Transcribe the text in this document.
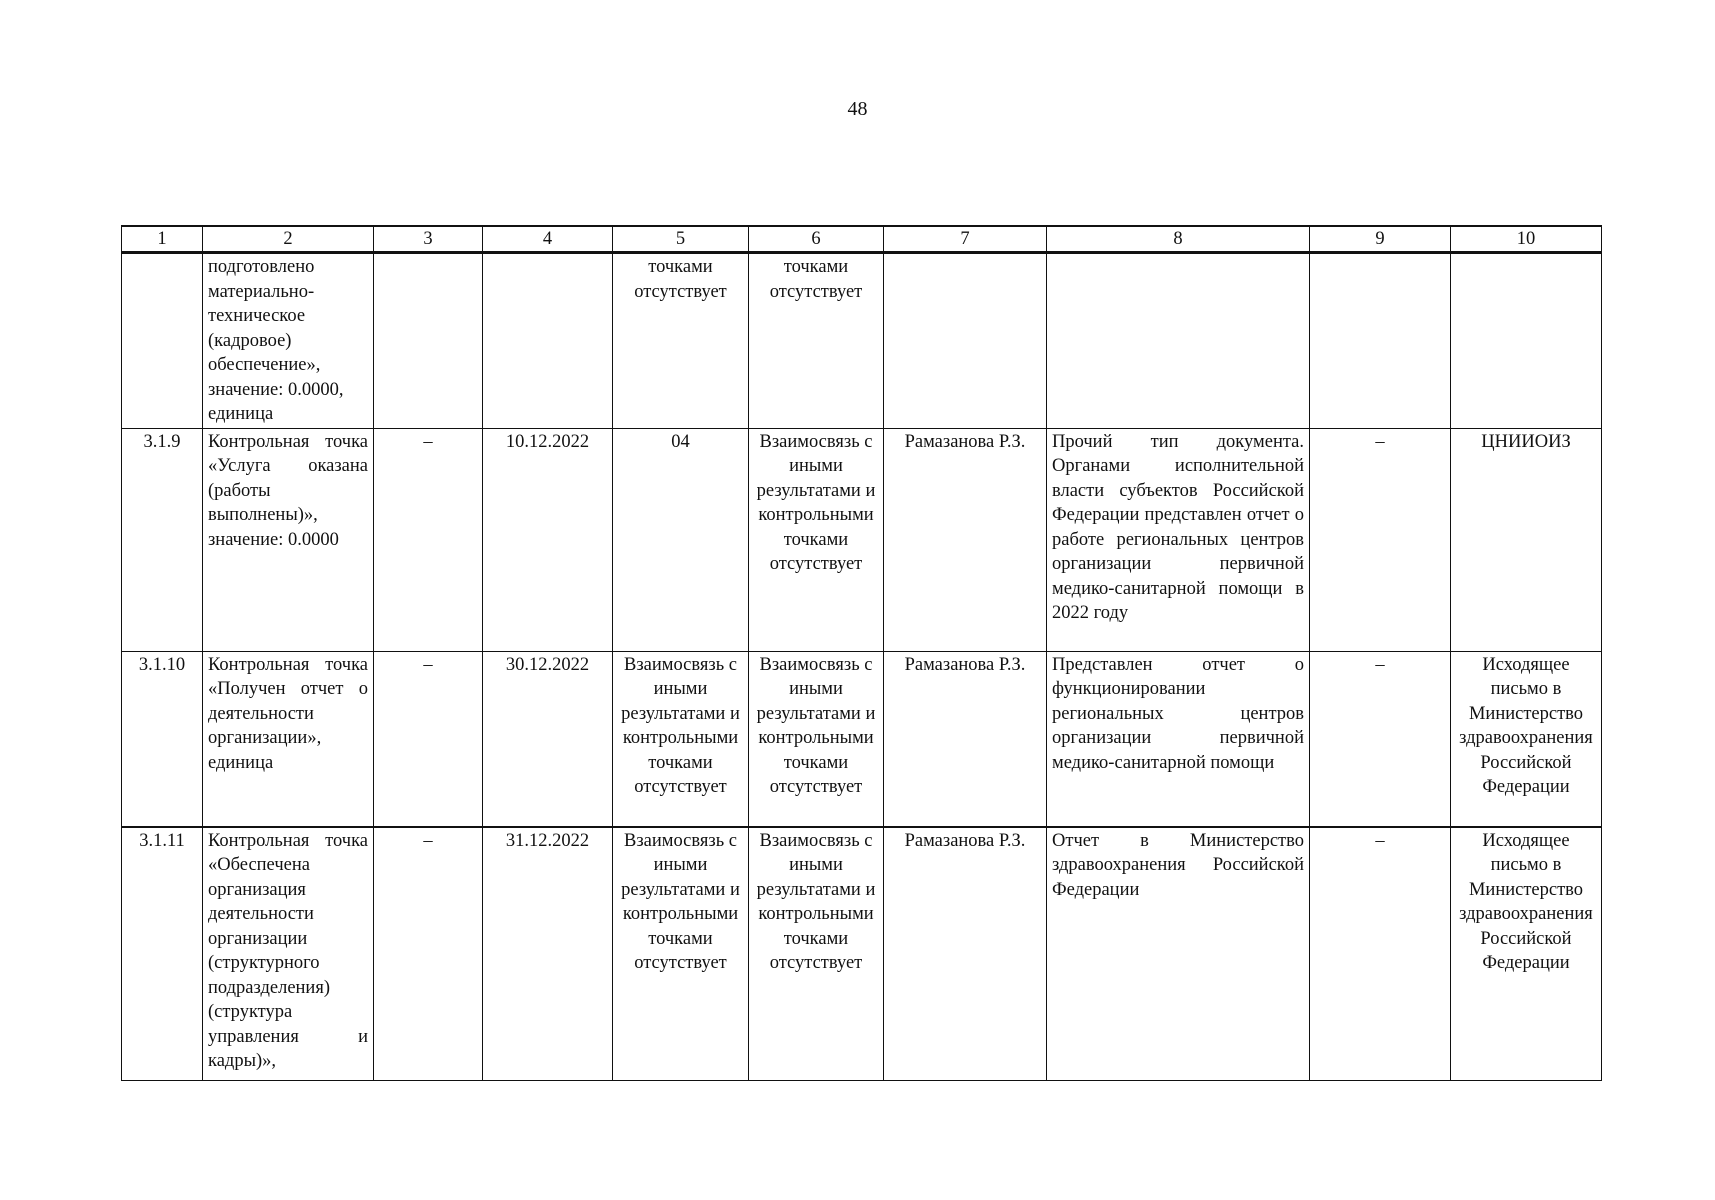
48
1	2	3	4	5	6	7	8	9	10
	подготовлено материально-техническое (кадровое) обеспечение», значение: 0.0000, единица			точками отсутствует	точками отсутствует				
3.1.9	Контрольная точка «Услуга оказана (работы выполнены)», значение: 0.0000	–	10.12.2022	04	Взаимосвязь с иными результатами и контрольными точками отсутствует	Рамазанова Р.З.	Прочий тип документа. Органами исполнительной власти субъектов Российской Федерации представлен отчет о работе региональных центров организации первичной медико-санитарной помощи в 2022 году	–	ЦНИИОИЗ
3.1.10	Контрольная точка «Получен отчет о деятельности организации», единица	–	30.12.2022	Взаимосвязь с иными результатами и контрольными точками отсутствует	Взаимосвязь с иными результатами и контрольными точками отсутствует	Рамазанова Р.З.	Представлен отчет о функционировании региональных центров организации первичной медико-санитарной помощи	–	Исходящее письмо в Министерство здравоохранения Российской Федерации
3.1.11	Контрольная точка «Обеспечена организация деятельности организации (структурного подразделения) (структура управления и кадры)»,	–	31.12.2022	Взаимосвязь с иными результатами и контрольными точками отсутствует	Взаимосвязь с иными результатами и контрольными точками отсутствует	Рамазанова Р.З.	Отчет в Министерство здравоохранения Российской Федерации	–	Исходящее письмо в Министерство здравоохранения Российской Федерации
